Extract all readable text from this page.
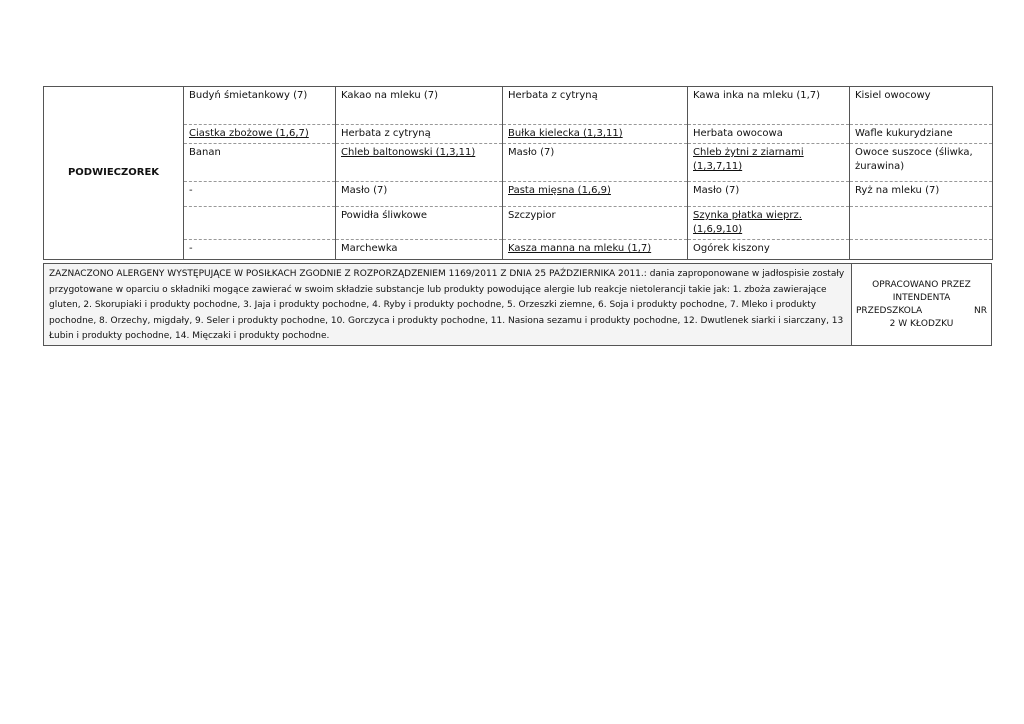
PODWIECZOREK	Budyń śmietankowy (7)	Kakao na mleku (7)	Herbata z cytryną	Kawa inka na mleku (1,7)	Kisiel owocowy
	Ciastka zbożowe (1,6,7)	Herbata z cytryną	Bułka kielecka (1,3,11)	Herbata owocowa	Wafle kukurydziane
	Banan	Chleb baltonowski (1,3,11)	Masło (7)	Chleb żytni z ziarnami (1,3,7,11)	Owoce suszoce (śliwka, żurawina)
	-	Masło (7)	Pasta mięsna (1,6,9)	Masło (7)	Ryż na mleku (7)
		Powidła śliwkowe	Szczypior	Szynka płatka wieprz. (1,6,9,10)	
	-	Marchewka	Kasza manna na mleku (1,7)	Ogórek kiszony	
ZAZNACZONO ALERGENY WYSTĘPUJĄCE W POSIŁKACH ZGODNIE Z ROZPORZĄDZENIEM 1169/2011 Z DNIA 25 PAŹDZIERNIKA 2011.: dania zaproponowane w jadłospisie zostały przygotowane w oparciu o składniki mogące zawierać w swoim składzie substancje lub produkty powodujące alergie lub reakcje nietolerancji takie jak: 1. zboża zawierające gluten, 2. Skorupiaki i produkty pochodne, 3. Jaja i produkty pochodne, 4. Ryby i produkty pochodne, 5. Orzeszki ziemne, 6. Soja i produkty pochodne, 7. Mleko i produkty pochodne, 8. Orzechy, migdały, 9. Seler i produkty pochodne, 10. Gorczyca i produkty pochodne, 11. Nasiona sezamu i produkty pochodne, 12. Dwutlenek siarki i siarczany, 13 Łubin i produkty pochodne, 14. Mięczaki i produkty pochodne.
OPRACOWANO PRZEZ
INTENDENTA
PRZEDSZKOLA	NR
2 W KŁODZKU
